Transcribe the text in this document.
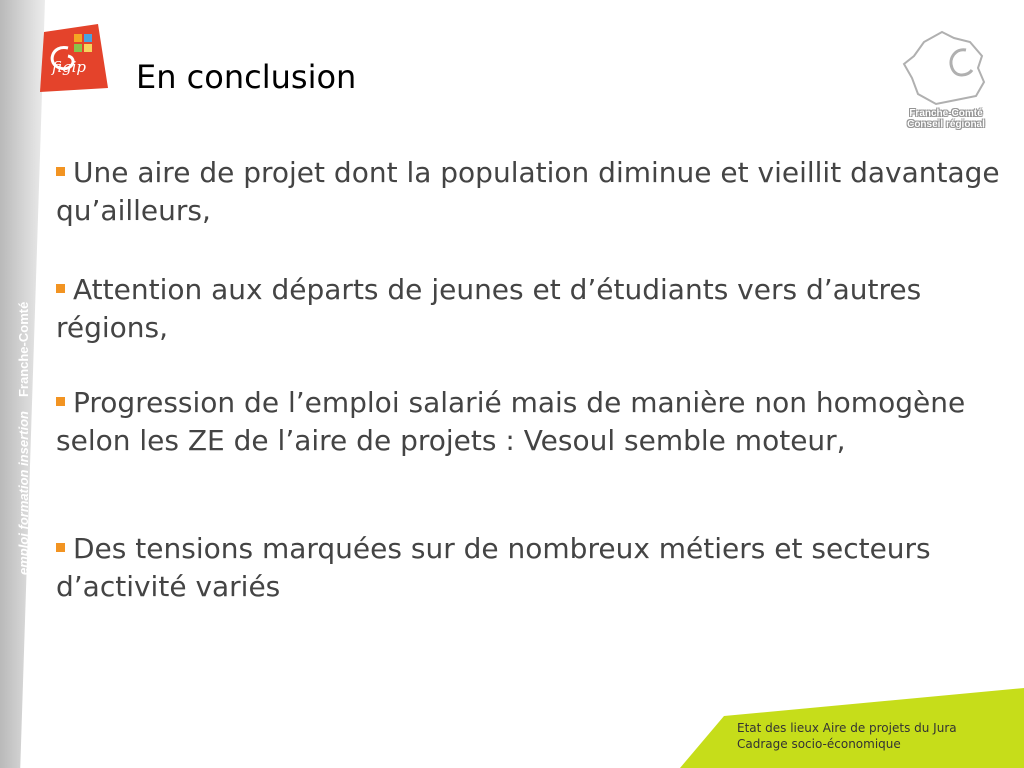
emploi formation insertionFranche-Comté
figip En conclusion
Franche-Comté
Conseil régional
Une aire de projet dont la population diminue et vieillit davantage qu’ailleurs,
Attention aux départs de jeunes et d’étudiants vers d’autres régions,
Progression de l’emploi salarié mais de manière non homogène selon les ZE de l’aire de projets : Vesoul semble moteur,
Des tensions marquées sur de nombreux métiers et secteurs d’activité variés
Etat des lieux Aire de projets du Jura
Cadrage socio-économique
